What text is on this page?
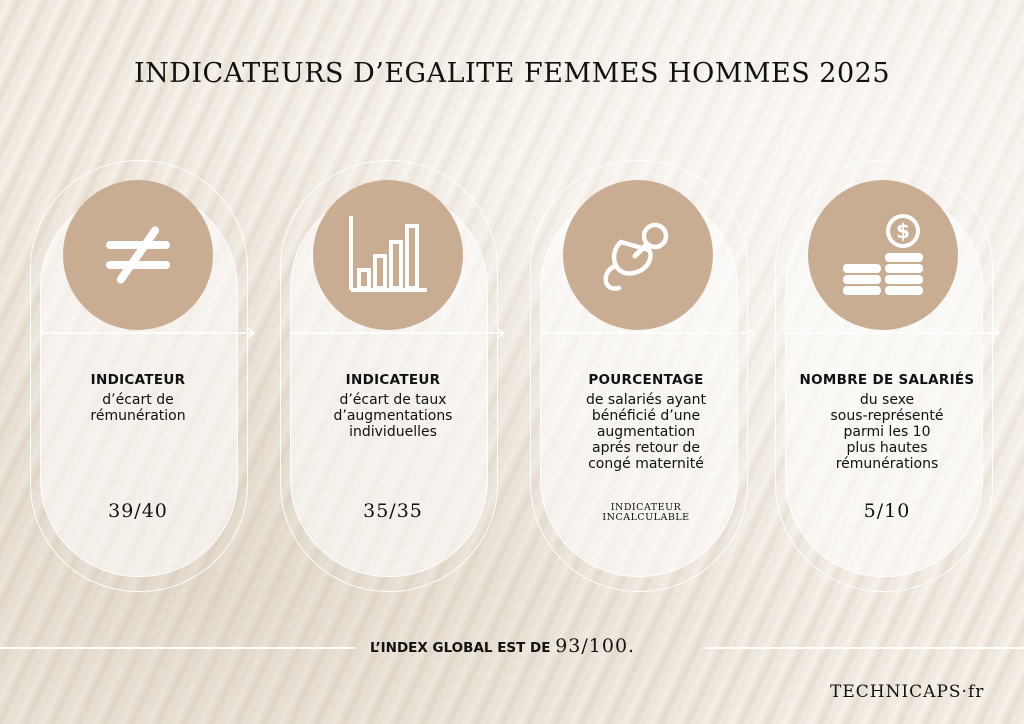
INDICATEURS D’EGALITE FEMMES HOMMES 2025
INDICATEUR
d’écart de
rémunération
39/40
INDICATEUR
d’écart de taux
d’augmentations
individuelles
35/35
POURCENTAGE
de salariés ayant
bénéficié d’une
augmentation
aprés retour de
congé maternité
INDICATEUR
INCALCULABLE
$
NOMBRE DE SALARIÉS
du sexe
sous-représenté
parmi les 10
plus hautes
rémunérations
5/10
L’INDEX GLOBAL EST DE 93/100.
TECHNICAPS·fr
